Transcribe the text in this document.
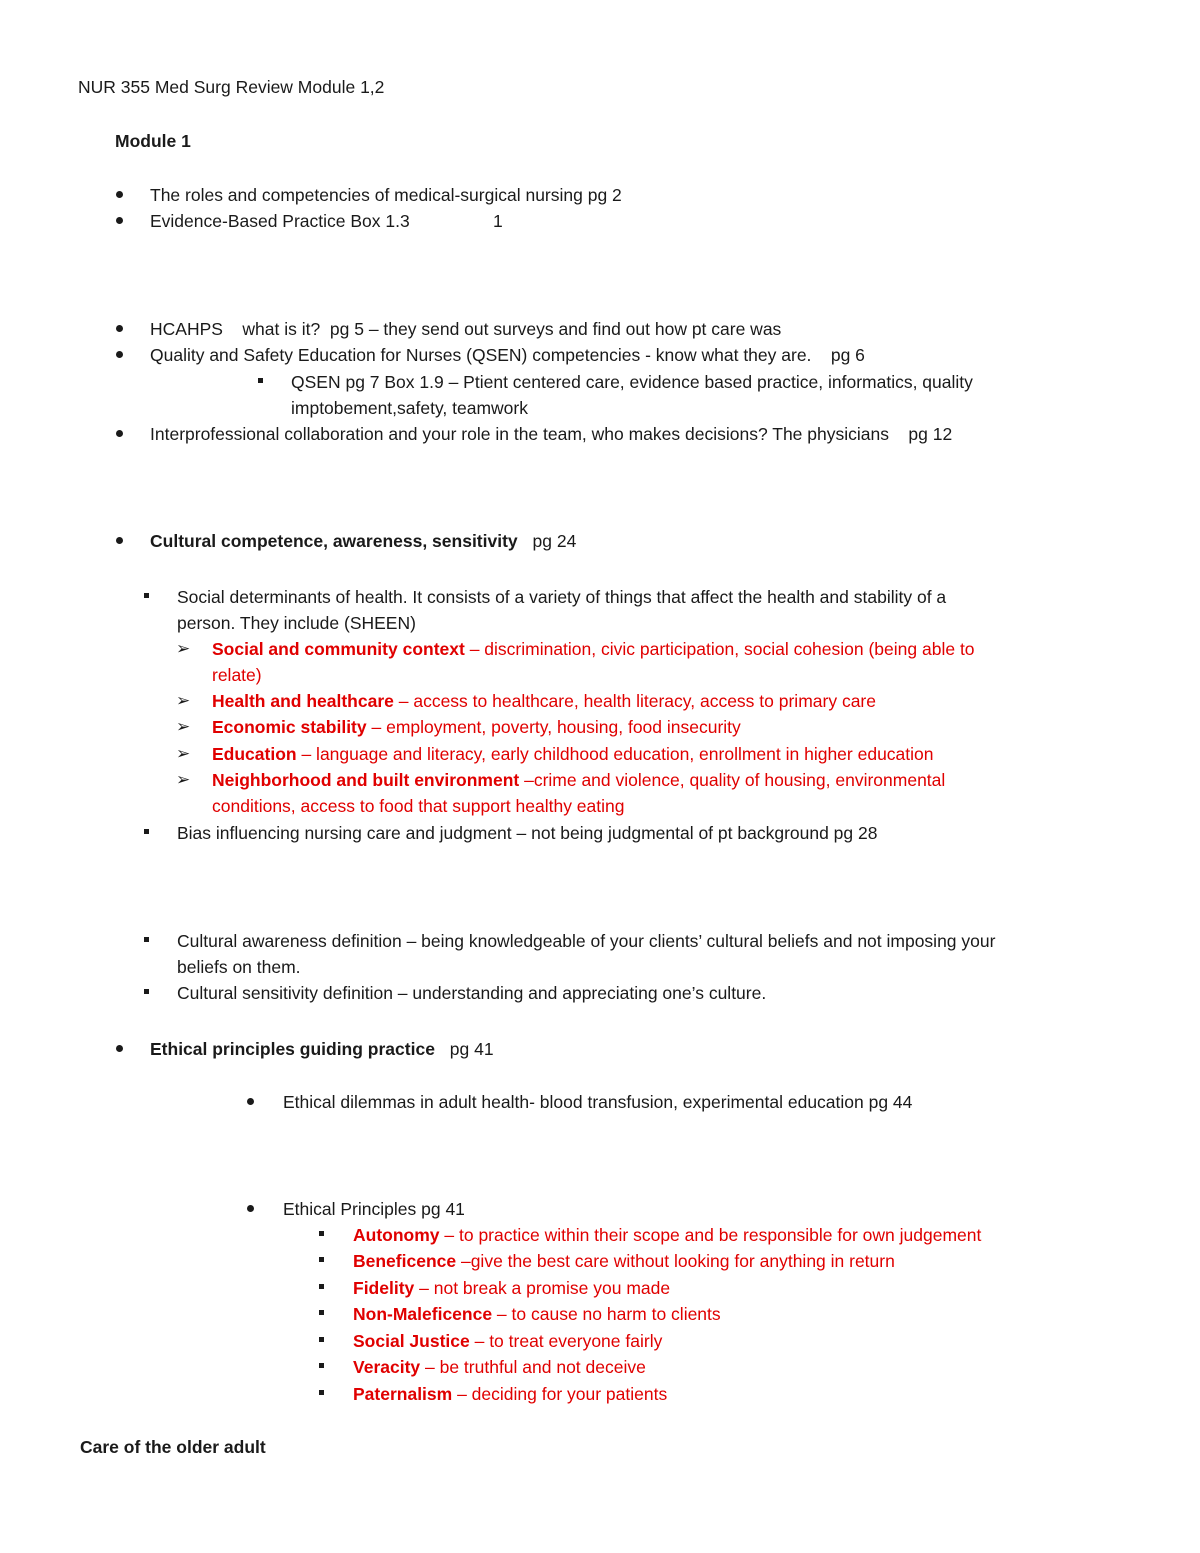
NUR 355 Med Surg Review Module 1,2
Module 1
The roles and competencies of medical-surgical nursing pg 2
Evidence-Based Practice Box 1.3	1
HCAHPS    what is it?  pg 5 – they send out surveys and find out how pt care was
Quality and Safety Education for Nurses (QSEN) competencies - know what they are.    pg 6
QSEN pg 7 Box 1.9 – Ptient centered care, evidence based practice, informatics, quality
imptobement,safety, teamwork
Interprofessional collaboration and your role in the team, who makes decisions? The physicians    pg 12
Cultural competence, awareness, sensitivity pg 24
Social determinants of health. It consists of a variety of things that affect the health and stability of a
person. They include (SHEEN)
➢ Social and community context – discrimination, civic participation, social cohesion (being able to
relate)
➢ Health and healthcare – access to healthcare, health literacy, access to primary care
➢ Economic stability – employment, poverty, housing, food insecurity
➢ Education – language and literacy, early childhood education, enrollment in higher education
➢ Neighborhood and built environment –crime and violence, quality of housing, environmental
conditions, access to food that support healthy eating
Bias influencing nursing care and judgment – not being judgmental of pt background pg 28
Cultural awareness definition – being knowledgeable of your clients’ cultural beliefs and not imposing your
beliefs on them.
Cultural sensitivity definition – understanding and appreciating one’s culture.
Ethical principles guiding practice pg 41
Ethical dilemmas in adult health- blood transfusion, experimental education pg 44
Ethical Principles pg 41
Autonomy – to practice within their scope and be responsible for own judgement
Beneficence –give the best care without looking for anything in return
Fidelity – not break a promise you made
Non-Maleficence – to cause no harm to clients
Social Justice – to treat everyone fairly
Veracity – be truthful and not deceive
Paternalism – deciding for your patients
Care of the older adult
